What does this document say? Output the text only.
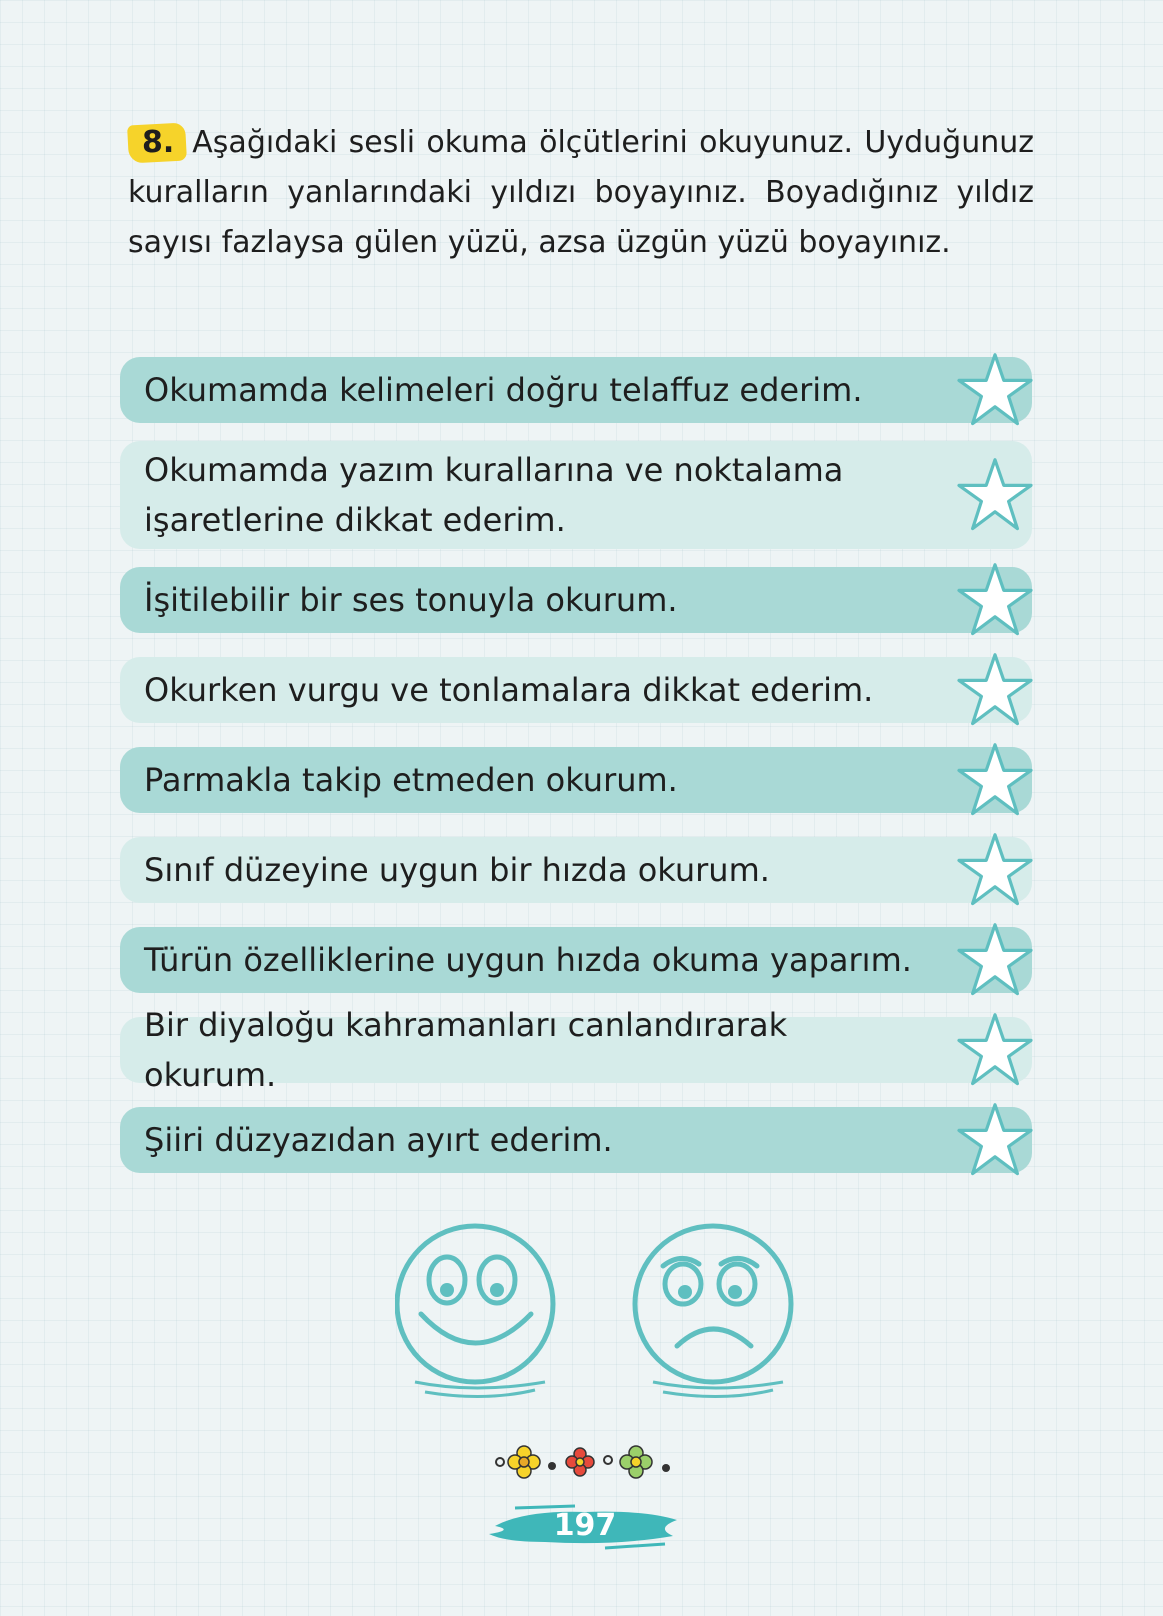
8. Aşağıdaki sesli okuma ölçütlerini okuyunuz. Uyduğunuz kuralların yanlarındaki yıldızı boyayınız. Boyadığınız yıldız sayısı fazlaysa gülen yüzü, azsa üzgün yüzü boyayınız.
Okumamda kelimeleri doğru telaffuz ederim.
Okumamda yazım kurallarına ve noktalama işaretlerine dikkat ederim.
İşitilebilir bir ses tonuyla okurum.
Okurken vurgu ve tonlamalara dikkat ederim.
Parmakla takip etmeden okurum.
Sınıf düzeyine uygun bir hızda okurum.
Türün özelliklerine uygun hızda okuma yaparım.
Bir diyaloğu kahramanları canlandırarak okurum.
Şiiri düzyazıdan ayırt ederim.
197
